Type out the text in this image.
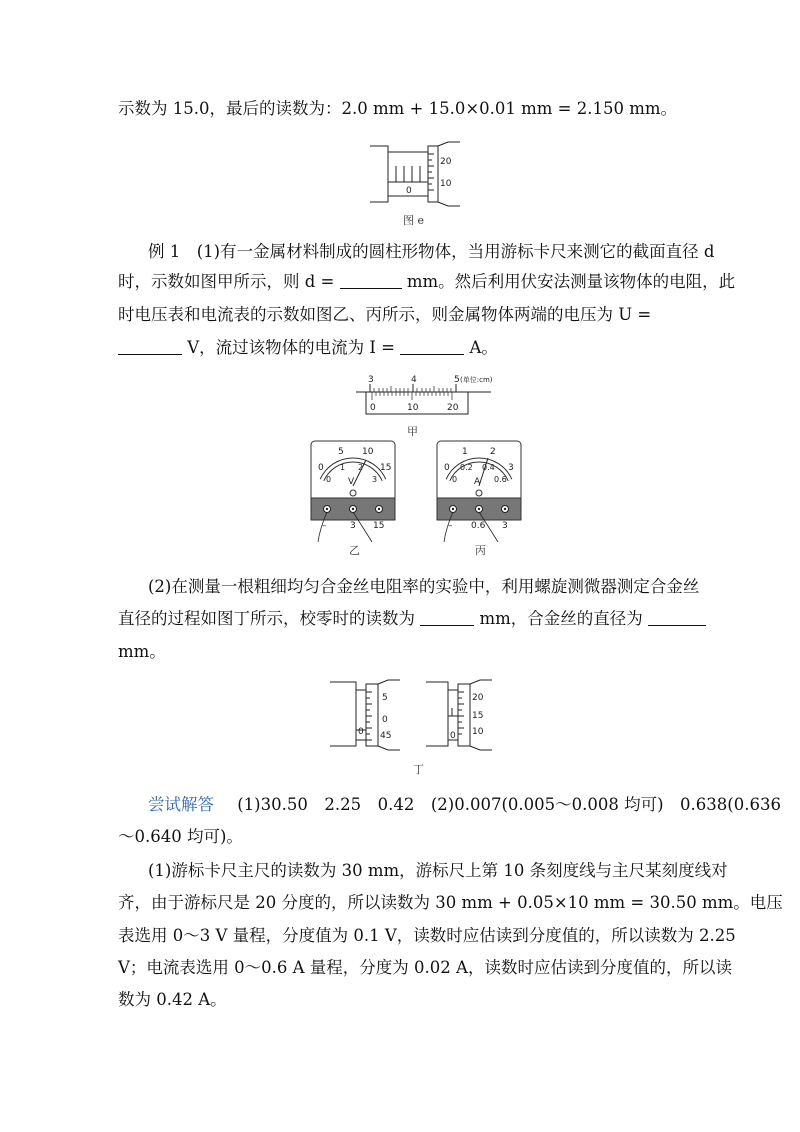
示数为 15.0，最后的读数为：2.0 mm + 15.0×0.01 mm = 2.150 mm。
20
10
0
图 e
例 1　(1)有一金属材料制成的圆柱形物体，当用游标卡尺来测它的截面直径 d
时，示数如图甲所示，则 d =	mm。然后利用伏安法测量该物体的电阻，此
时电压表和电流表的示数如图乙、丙所示，则金属物体两端的电压为 U =
V，流过该物体的电流为 I =	A。
3	4	5 (单位:cm)
0	10	20
甲
0
5 10
15
0
1 2
3
V
–	3 15
乙
0
1 2
3
0
0.2 0.4
0.6
A
– 0.6 3
丙
(2)在测量一根粗细均匀合金丝电阻率的实验中，利用螺旋测微器测定合金丝
直径的过程如图丁所示，校零时的读数为	mm，合金丝的直径为
mm。
5
0
45
0
20
15
10
0
丁
尝试解答 (1)30.50　2.25　0.42　(2)0.007(0.005～0.008 均可)　0.638(0.636
～0.640 均可)。
(1)游标卡尺主尺的读数为 30 mm，游标尺上第 10 条刻度线与主尺某刻度线对
齐，由于游标尺是 20 分度的，所以读数为 30 mm + 0.05×10 mm = 30.50 mm。电压
表选用 0～3 V 量程，分度值为 0.1 V，读数时应估读到分度值的，所以读数为 2.25
V；电流表选用 0～0.6 A 量程，分度为 0.02 A，读数时应估读到分度值的，所以读
数为 0.42 A。
